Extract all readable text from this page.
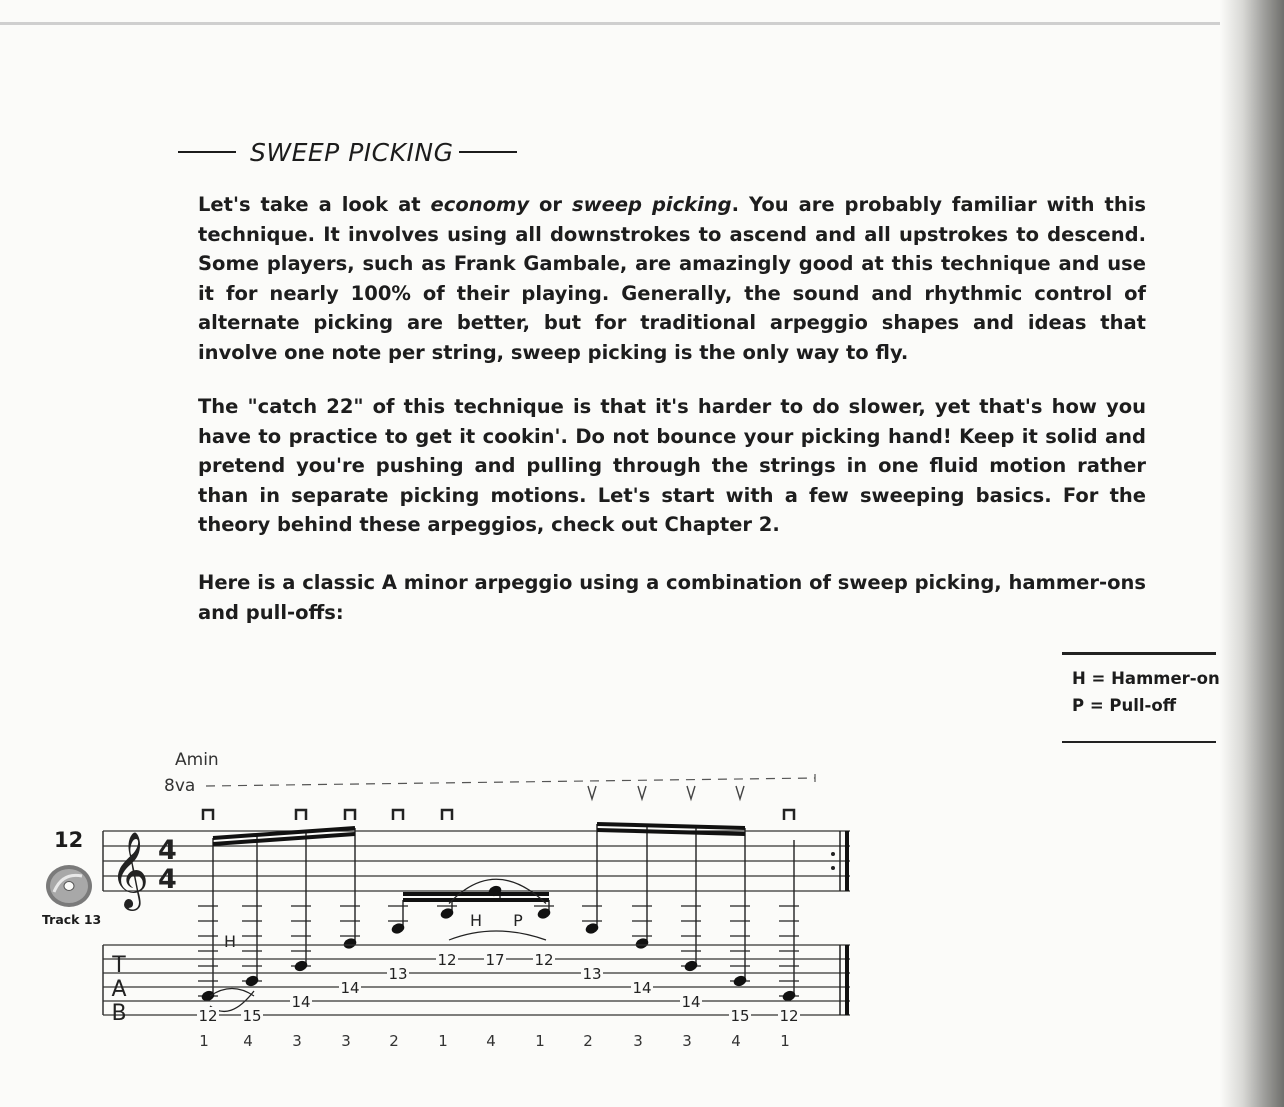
SWEEP PICKING

Let's take a look at economy or sweep picking. You are probably familiar with this technique. It involves using all downstrokes to ascend and all upstrokes to descend. Some players, such as Frank Gambale, are amazingly good at this technique and use it for nearly 100% of their playing. Generally, the sound and rhythmic control of alternate picking are better, but for traditional arpeggio shapes and ideas that involve one note per string, sweep picking is the only way to fly.

The "catch 22" of this technique is that it's harder to do slower, yet that's how you have to practice to get it cookin'. Do not bounce your picking hand! Keep it solid and pretend you're pushing and pulling through the strings in one fluid motion rather than in separate picking motions. Let's start with a few sweeping basics. For the theory behind these arpeggios, check out Chapter 2.

Here is a classic A minor arpeggio using a combination of sweep picking, hammer-ons and pull-offs:

H = Hammer-on
P = Pull-off
12
Track 13
Amin
8va
𝄞 4
4
H
H P
T
A
B	12
1
15
4
14
3
14
3
13
2
12
1
17
4
12
1
13
2
14
3
14
3
15
4
12
1
